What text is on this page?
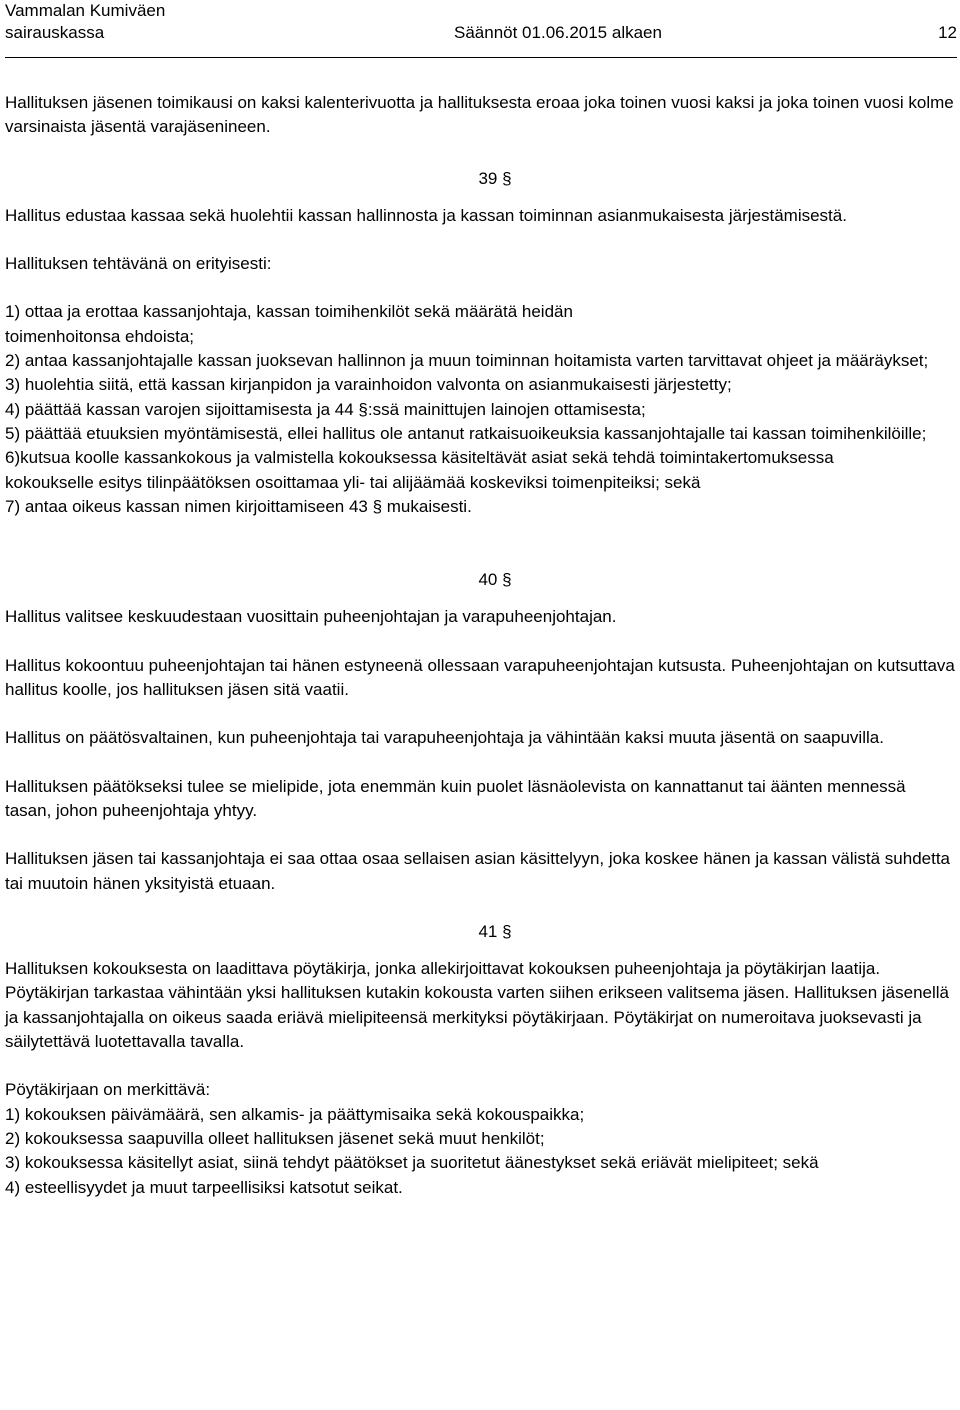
Vammalan Kumiväen
sairauskassa	Säännöt 01.06.2015 alkaen	12

Hallituksen jäsenen toimikausi on kaksi kalenterivuotta ja hallituksesta eroaa joka toinen vuosi kaksi ja joka toinen vuosi kolme varsinaista jäsentä varajäsenineen.

39 §

Hallitus edustaa kassaa sekä huolehtii kassan hallinnosta ja kassan toiminnan asianmukaisesta järjestämisestä.

Hallituksen tehtävänä on erityisesti:

1) ottaa ja erottaa kassanjohtaja, kassan toimihenkilöt sekä määrätä heidän toimenhoitonsa ehdoista;

2) antaa kassanjohtajalle kassan juoksevan hallinnon ja muun toiminnan hoitamista varten tarvittavat ohjeet ja määräykset;

3) huolehtia siitä, että kassan kirjanpidon ja varainhoidon valvonta on asianmukaisesti järjestetty;

4) päättää kassan varojen sijoittamisesta ja 44 §:ssä mainittujen lainojen ottamisesta;

5) päättää etuuksien myöntämisestä, ellei hallitus ole antanut ratkaisuoikeuksia kassanjohtajalle tai kassan toimihenkilöille;

6)kutsua koolle kassankokous ja valmistella kokouksessa käsiteltävät asiat sekä tehdä toimintakertomuksessa kokoukselle esitys tilinpäätöksen osoittamaa yli- tai alijäämää koskeviksi toimenpiteiksi; sekä

7) antaa oikeus kassan nimen kirjoittamiseen 43 § mukaisesti.

40 §

Hallitus valitsee keskuudestaan vuosittain puheenjohtajan ja varapuheenjohtajan.

Hallitus kokoontuu puheenjohtajan tai hänen estyneenä ollessaan varapuheenjohtajan kutsusta. Puheenjohtajan on kutsuttava hallitus koolle, jos hallituksen jäsen sitä vaatii.

Hallitus on päätösvaltainen, kun puheenjohtaja tai varapuheenjohtaja ja vähintään kaksi muuta jäsentä on saapuvilla.

Hallituksen päätökseksi tulee se mielipide, jota enemmän kuin puolet läsnäolevista on kannattanut tai äänten mennessä tasan, johon puheenjohtaja yhtyy.

Hallituksen jäsen tai kassanjohtaja ei saa ottaa osaa sellaisen asian käsittelyyn, joka koskee hänen ja kassan välistä suhdetta tai muutoin hänen yksityistä etuaan.

41 §

Hallituksen kokouksesta on laadittava pöytäkirja, jonka allekirjoittavat kokouksen puheenjohtaja ja pöytäkirjan laatija. Pöytäkirjan tarkastaa vähintään yksi hallituksen kutakin kokousta varten siihen erikseen valitsema jäsen. Hallituksen jäsenellä ja kassanjohtajalla on oikeus saada eriävä mielipiteensä merkityksi pöytäkirjaan. Pöytäkirjat on numeroitava juoksevasti ja säilytettävä luotettavalla tavalla.

Pöytäkirjaan on merkittävä:

1) kokouksen päivämäärä, sen alkamis- ja päättymisaika sekä kokouspaikka;

2) kokouksessa saapuvilla olleet hallituksen jäsenet sekä muut henkilöt;

3) kokouksessa käsitellyt asiat, siinä tehdyt päätökset ja suoritetut äänestykset sekä eriävät mielipiteet; sekä

4) esteellisyydet ja muut tarpeellisiksi katsotut seikat.
